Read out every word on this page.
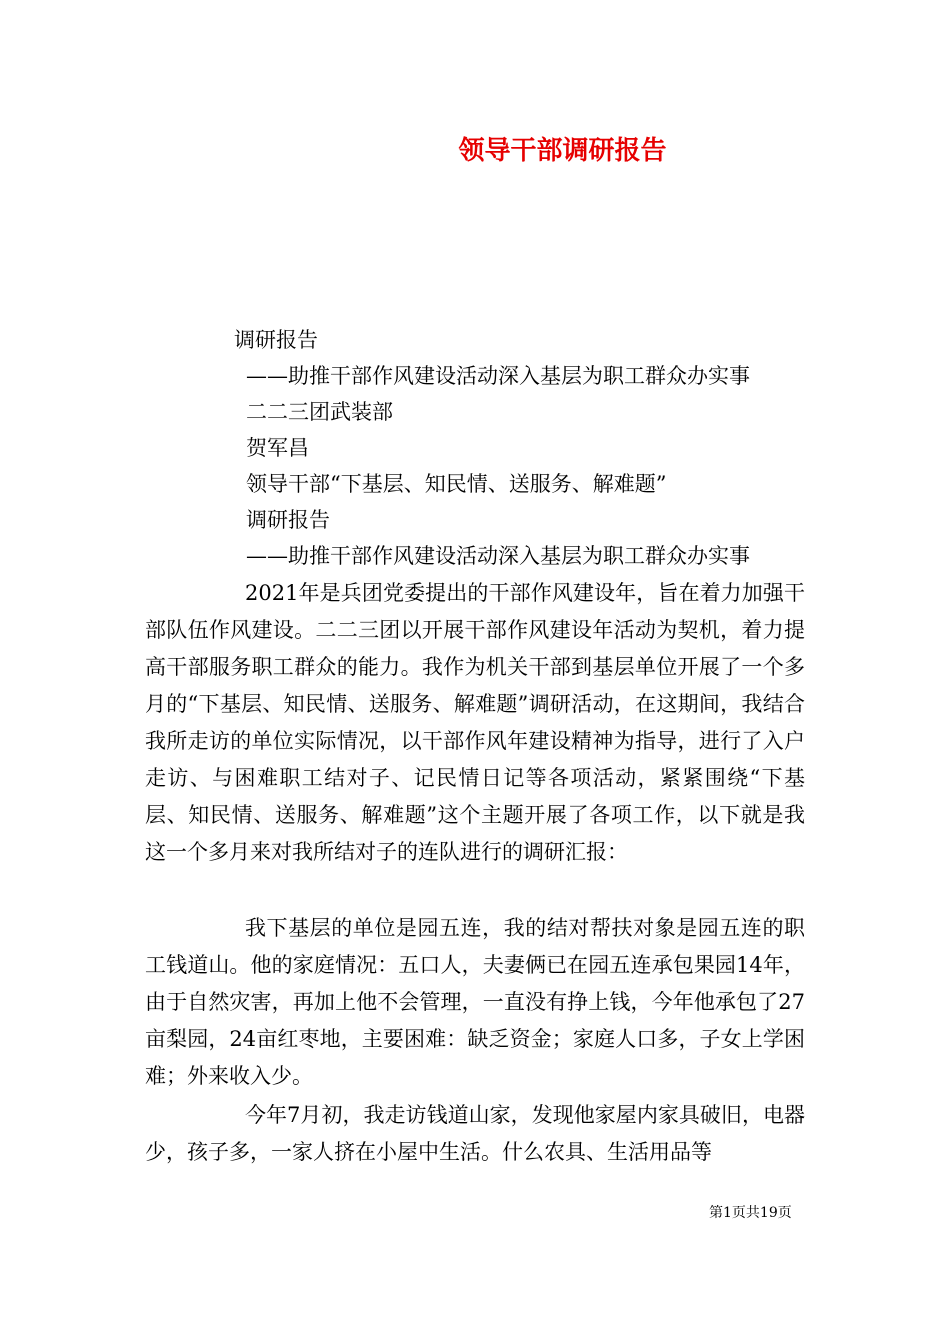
领导干部调研报告

调研报告

——助推干部作风建设活动深入基层为职工群众办实事

二二三团武装部

贺军昌

领导干部“下基层、知民情、送服务、解难题”

调研报告

——助推干部作风建设活动深入基层为职工群众办实事

2021年是兵团党委提出的干部作风建设年，旨在着力加强干部队伍作风建设。二二三团以开展干部作风建设年活动为契机，着力提高干部服务职工群众的能力。我作为机关干部到基层单位开展了一个多月的“下基层、知民情、送服务、解难题”调研活动，在这期间，我结合我所走访的单位实际情况，以干部作风年建设精神为指导，进行了入户走访、与困难职工结对子、记民情日记等各项活动，紧紧围绕“下基层、知民情、送服务、解难题”这个主题开展了各项工作，以下就是我这一个多月来对我所结对子的连队进行的调研汇报：

我下基层的单位是园五连，我的结对帮扶对象是园五连的职工钱道山。他的家庭情况：五口人，夫妻俩已在园五连承包果园14年，由于自然灾害，再加上他不会管理，一直没有挣上钱，今年他承包了27亩梨园，24亩红枣地，主要困难：缺乏资金；家庭人口多，子女上学困难；外来收入少。

今年7月初，我走访钱道山家，发现他家屋内家具破旧，电器少，孩子多，一家人挤在小屋中生活。什么农具、生活用品等

第1页共19页
